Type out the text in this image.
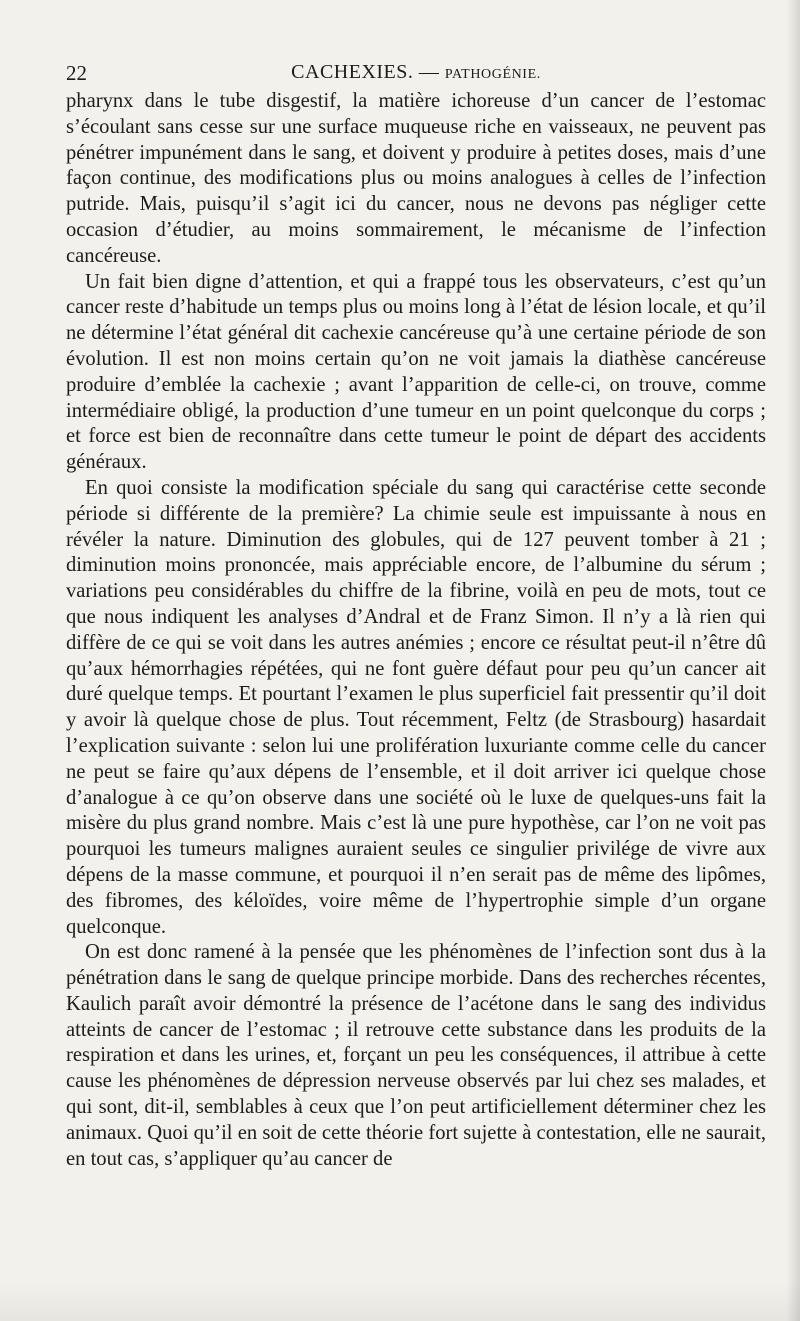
22	CACHEXIES. — PATHOGÉNIE.

pharynx dans le tube disgestif, la matière ichoreuse d’un cancer de l’estomac s’écoulant sans cesse sur une surface muqueuse riche en vaisseaux, ne peuvent pas pénétrer impunément dans le sang, et doivent y produire à petites doses, mais d’une façon continue, des modifications plus ou moins analogues à celles de l’infection putride. Mais, puisqu’il s’agit ici du cancer, nous ne devons pas négliger cette occasion d’étudier, au moins sommairement, le mécanisme de l’infection cancéreuse.

Un fait bien digne d’attention, et qui a frappé tous les observateurs, c’est qu’un cancer reste d’habitude un temps plus ou moins long à l’état de lésion locale, et qu’il ne détermine l’état général dit cachexie cancéreuse qu’à une certaine période de son évolution. Il est non moins certain qu’on ne voit jamais la diathèse cancéreuse produire d’emblée la cachexie ; avant l’apparition de celle-ci, on trouve, comme intermédiaire obligé, la production d’une tumeur en un point quelconque du corps ; et force est bien de reconnaître dans cette tumeur le point de départ des accidents généraux.

En quoi consiste la modification spéciale du sang qui caractérise cette seconde période si différente de la première? La chimie seule est impuissante à nous en révéler la nature. Diminution des globules, qui de 127 peuvent tomber à 21 ; diminution moins prononcée, mais appréciable encore, de l’albumine du sérum ; variations peu considérables du chiffre de la fibrine, voilà en peu de mots, tout ce que nous indiquent les analyses d’Andral et de Franz Simon. Il n’y a là rien qui diffère de ce qui se voit dans les autres anémies ; encore ce résultat peut-il n’être dû qu’aux hémorrhagies répétées, qui ne font guère défaut pour peu qu’un cancer ait duré quelque temps. Et pourtant l’examen le plus superficiel fait pressentir qu’il doit y avoir là quelque chose de plus. Tout récemment, Feltz (de Strasbourg) hasardait l’explication suivante : selon lui une prolifération luxuriante comme celle du cancer ne peut se faire qu’aux dépens de l’ensemble, et il doit arriver ici quelque chose d’analogue à ce qu’on observe dans une société où le luxe de quelques-uns fait la misère du plus grand nombre. Mais c’est là une pure hypothèse, car l’on ne voit pas pourquoi les tumeurs malignes auraient seules ce singulier privilége de vivre aux dépens de la masse commune, et pourquoi il n’en serait pas de même des lipômes, des fibromes, des kéloïdes, voire même de l’hypertrophie simple d’un organe quelconque.

On est donc ramené à la pensée que les phénomènes de l’infection sont dus à la pénétration dans le sang de quelque principe morbide. Dans des recherches récentes, Kaulich paraît avoir démontré la présence de l’acétone dans le sang des individus atteints de cancer de l’estomac ; il retrouve cette substance dans les produits de la respiration et dans les urines, et, forçant un peu les conséquences, il attribue à cette cause les phénomènes de dépression nerveuse observés par lui chez ses malades, et qui sont, dit-il, semblables à ceux que l’on peut artificiellement déterminer chez les animaux. Quoi qu’il en soit de cette théorie fort sujette à contestation, elle ne saurait, en tout cas, s’appliquer qu’au cancer de
